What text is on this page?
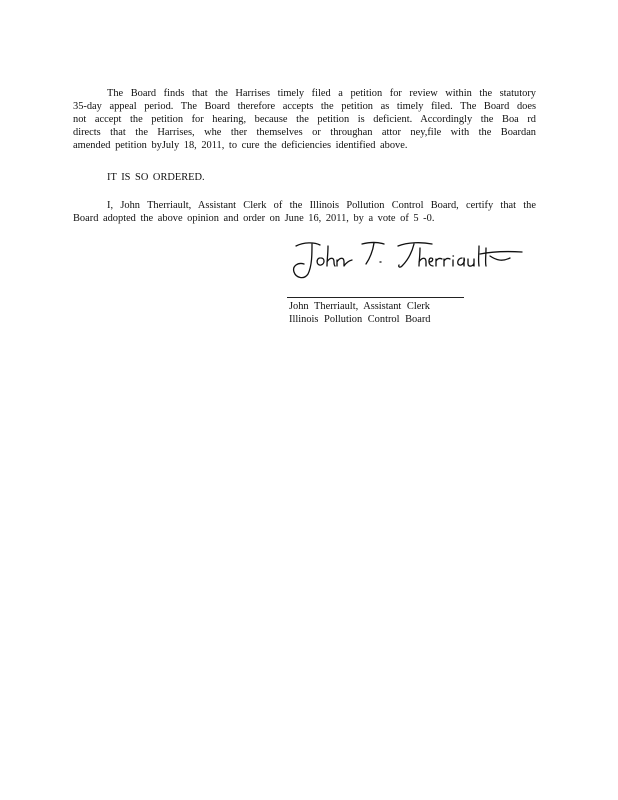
The Board finds that the Harrises timely filed a petition for review within the statutory
35-day appeal period. The Board therefore accepts the petition as timely filed. The Board does
not accept the petition for hearing, because the petition is deficient. Accordingly the Boa rd
directs that the Harrises, whe ther themselves or throughan attor ney,file with the Boardan
amended petition byJuly 18, 2011, to cure the deficiencies identified above.

IT IS SO ORDERED.

I, John Therriault, Assistant Clerk of the Illinois Pollution Control Board, certify that the
Board adopted the above opinion and order on June 16, 2011, by a vote of 5 -0.

John Therriault, Assistant Clerk
Illinois Pollution Control Board
